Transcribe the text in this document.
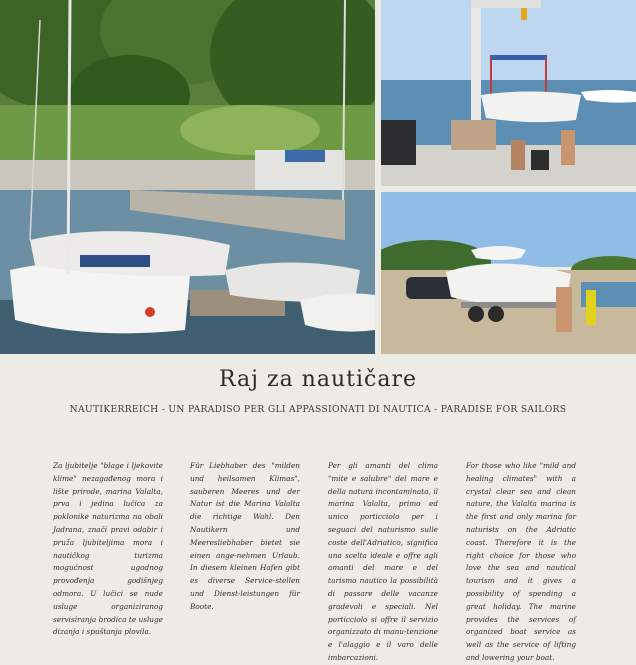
Raj za nautičare
NAUTIKERREICH - UN PARADISO PER GLI APPASSIONATI DI NAUTICA - PARADISE FOR SAILORS
Za ljubitelje "blage i ljekovite klime" nezagađenog mora i lište prirode, marina Valalta, prva i jedina lučica za poklonike naturizma na obali Jadrana, znači pravi odabir i pruža ljubiteljima mora i nautičkog turizma mogućnost ugodnog provođenja godišnjeg odmora. U lučici se nude usluge organiziranog servisiranja brodica te usluge dizanja i spuštanja plovila.
Für Liebhaber des "milden und heilsamen Klimas", sauberen Meeres und der Natur ist die Marina Valalta die richtige Wahl. Den Nautikern und Meeresliebhaber bietet sie einen ange-nehmen Urlaub. In diesem kleinen Hafen gibt es diverse Service-stellen und Dienst-leistungen für Boote.
Per gli amanti del clima "mite e salubre" del mare e della natura incontaminata, il marina Valalta, primo ed unico porticciolo per i seguaci del naturismo sulle coste dell'Adriatico, significa una scelta ideale e offre agli amanti del mare e del turismo nautico la possibilità di passare delle vacanze gradevoli e speciali. Nel porticciolo si offre il servizio organizzato di manu-tenzione e l'alaggio e il varo delle imbarcazioni.
For those who like "mild and healing climates" with a crystal clear sea and clean nature, the Valalta marina is the first and only marina for naturists on the Adriatic coast. Therefore it is the right choice for those who love the sea and nautical tourism and it gives a possibility of spending a great holiday. The marine provides the services of organized boat service as well as the service of lifting and lowering your boat.
